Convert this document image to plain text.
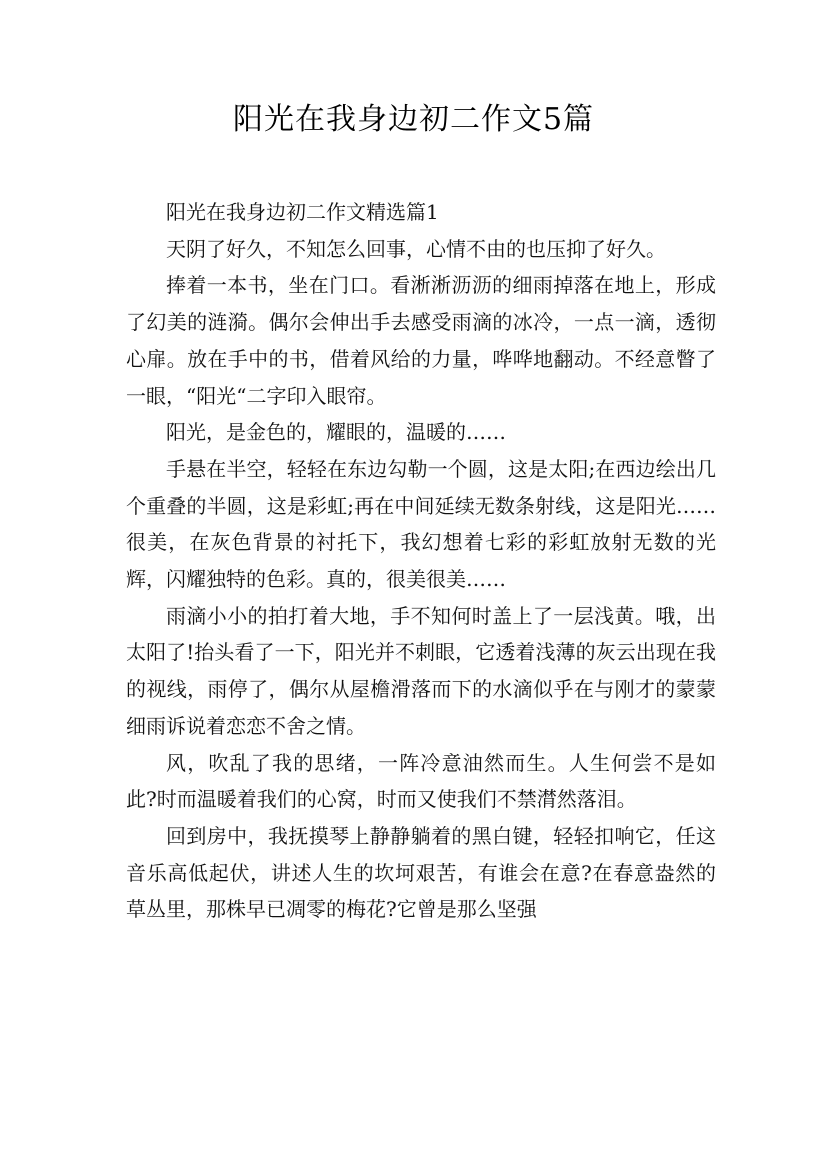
阳光在我身边初二作文5篇

阳光在我身边初二作文精选篇1

天阴了好久，不知怎么回事，心情不由的也压抑了好久。

捧着一本书，坐在门口。看淅淅沥沥的细雨掉落在地上，形成了幻美的涟漪。偶尔会伸出手去感受雨滴的冰冷，一点一滴，透彻心扉。放在手中的书，借着风给的力量，哗哗地翻动。不经意瞥了一眼，“阳光“二字印入眼帘。

阳光，是金色的，耀眼的，温暖的……

手悬在半空，轻轻在东边勾勒一个圆，这是太阳;在西边绘出几个重叠的半圆，这是彩虹;再在中间延续无数条射线，这是阳光……很美，在灰色背景的衬托下，我幻想着七彩的彩虹放射无数的光辉，闪耀独特的色彩。真的，很美很美……

雨滴小小的拍打着大地，手不知何时盖上了一层浅黄。哦，出太阳了!抬头看了一下，阳光并不刺眼，它透着浅薄的灰云出现在我的视线，雨停了，偶尔从屋檐滑落而下的水滴似乎在与刚才的蒙蒙细雨诉说着恋恋不舍之情。

风，吹乱了我的思绪，一阵冷意油然而生。人生何尝不是如此?时而温暖着我们的心窝，时而又使我们不禁潸然落泪。

回到房中，我抚摸琴上静静躺着的黑白键，轻轻扣响它，任这音乐高低起伏，讲述人生的坎坷艰苦，有谁会在意?在春意盎然的草丛里，那株早已凋零的梅花?它曾是那么坚强
